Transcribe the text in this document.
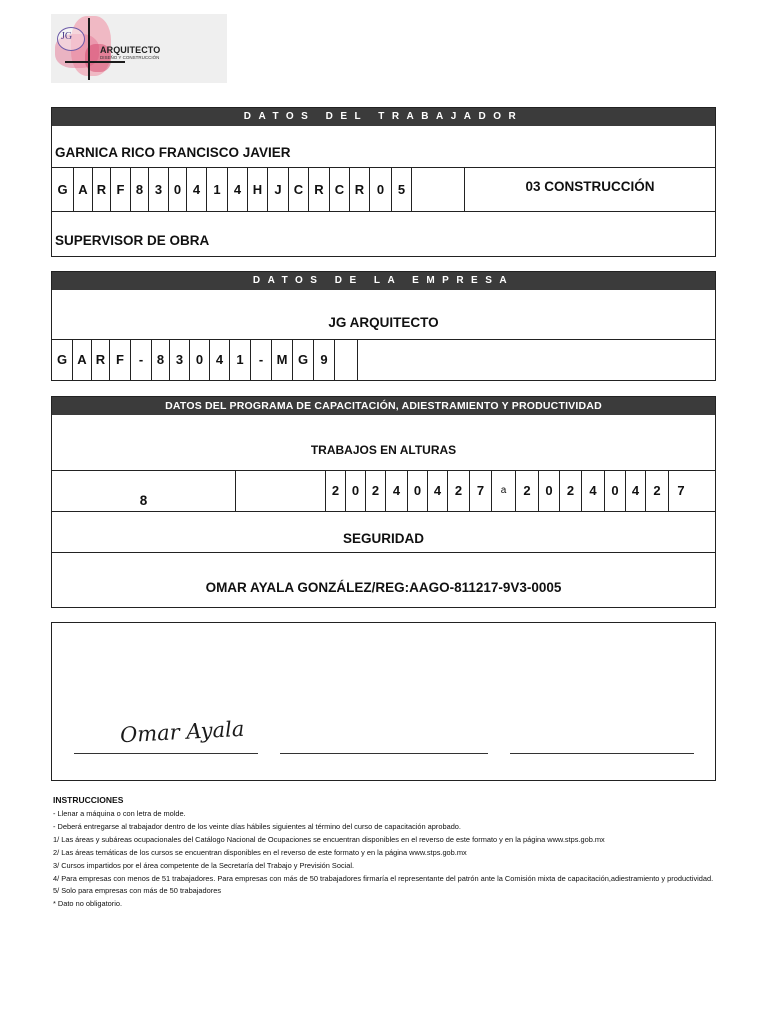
JG
ARQUITECTO
DISEÑO Y CONSTRUCCIÓN
DATOS DEL TRABAJADOR
GARNICA RICO FRANCISCO JAVIER
G A R F 8 3 0 4	1	4 H J C R C R 0	5	03 CONSTRUCCIÓN
SUPERVISOR DE OBRA
DATOS DE LA EMPRESA
JG ARQUITECTO
G A R F	-	8 3 0 4	1	-	M G 9
DATOS DEL PROGRAMA DE CAPACITACIÓN, ADIESTRAMIENTO Y PRODUCTIVIDAD
TRABAJOS EN ALTURAS
8
2 0 2	4	0 4	2	7	a	2	0	2	4	0	4	2	7
SEGURIDAD
OMAR AYALA GONZÁLEZ/REG:AAGO-811217-9V3-0005
Omar Ayala
INSTRUCCIONES
- Llenar a máquina o con letra de molde.
- Deberá entregarse al trabajador dentro de los veinte días hábiles siguientes al término del curso de capacitación aprobado.
1/ Las áreas y subáreas ocupacionales del Catálogo Nacional de Ocupaciones se encuentran disponibles en el reverso de este formato y en la página www.stps.gob.mx
2/ Las áreas temáticas de los cursos se encuentran disponibles en el reverso de este formato y en la página www.stps.gob.mx
3/ Cursos impartidos por el área competente de la Secretaría del Trabajo y Previsión Social.
4/ Para empresas con menos de 51 trabajadores. Para empresas con más de 50 trabajadores firmaría el representante del patrón ante la Comisión mixta de capacitación,adiestramiento y productividad.
5/ Solo para empresas con más de 50 trabajadores
* Dato no obligatorio.
